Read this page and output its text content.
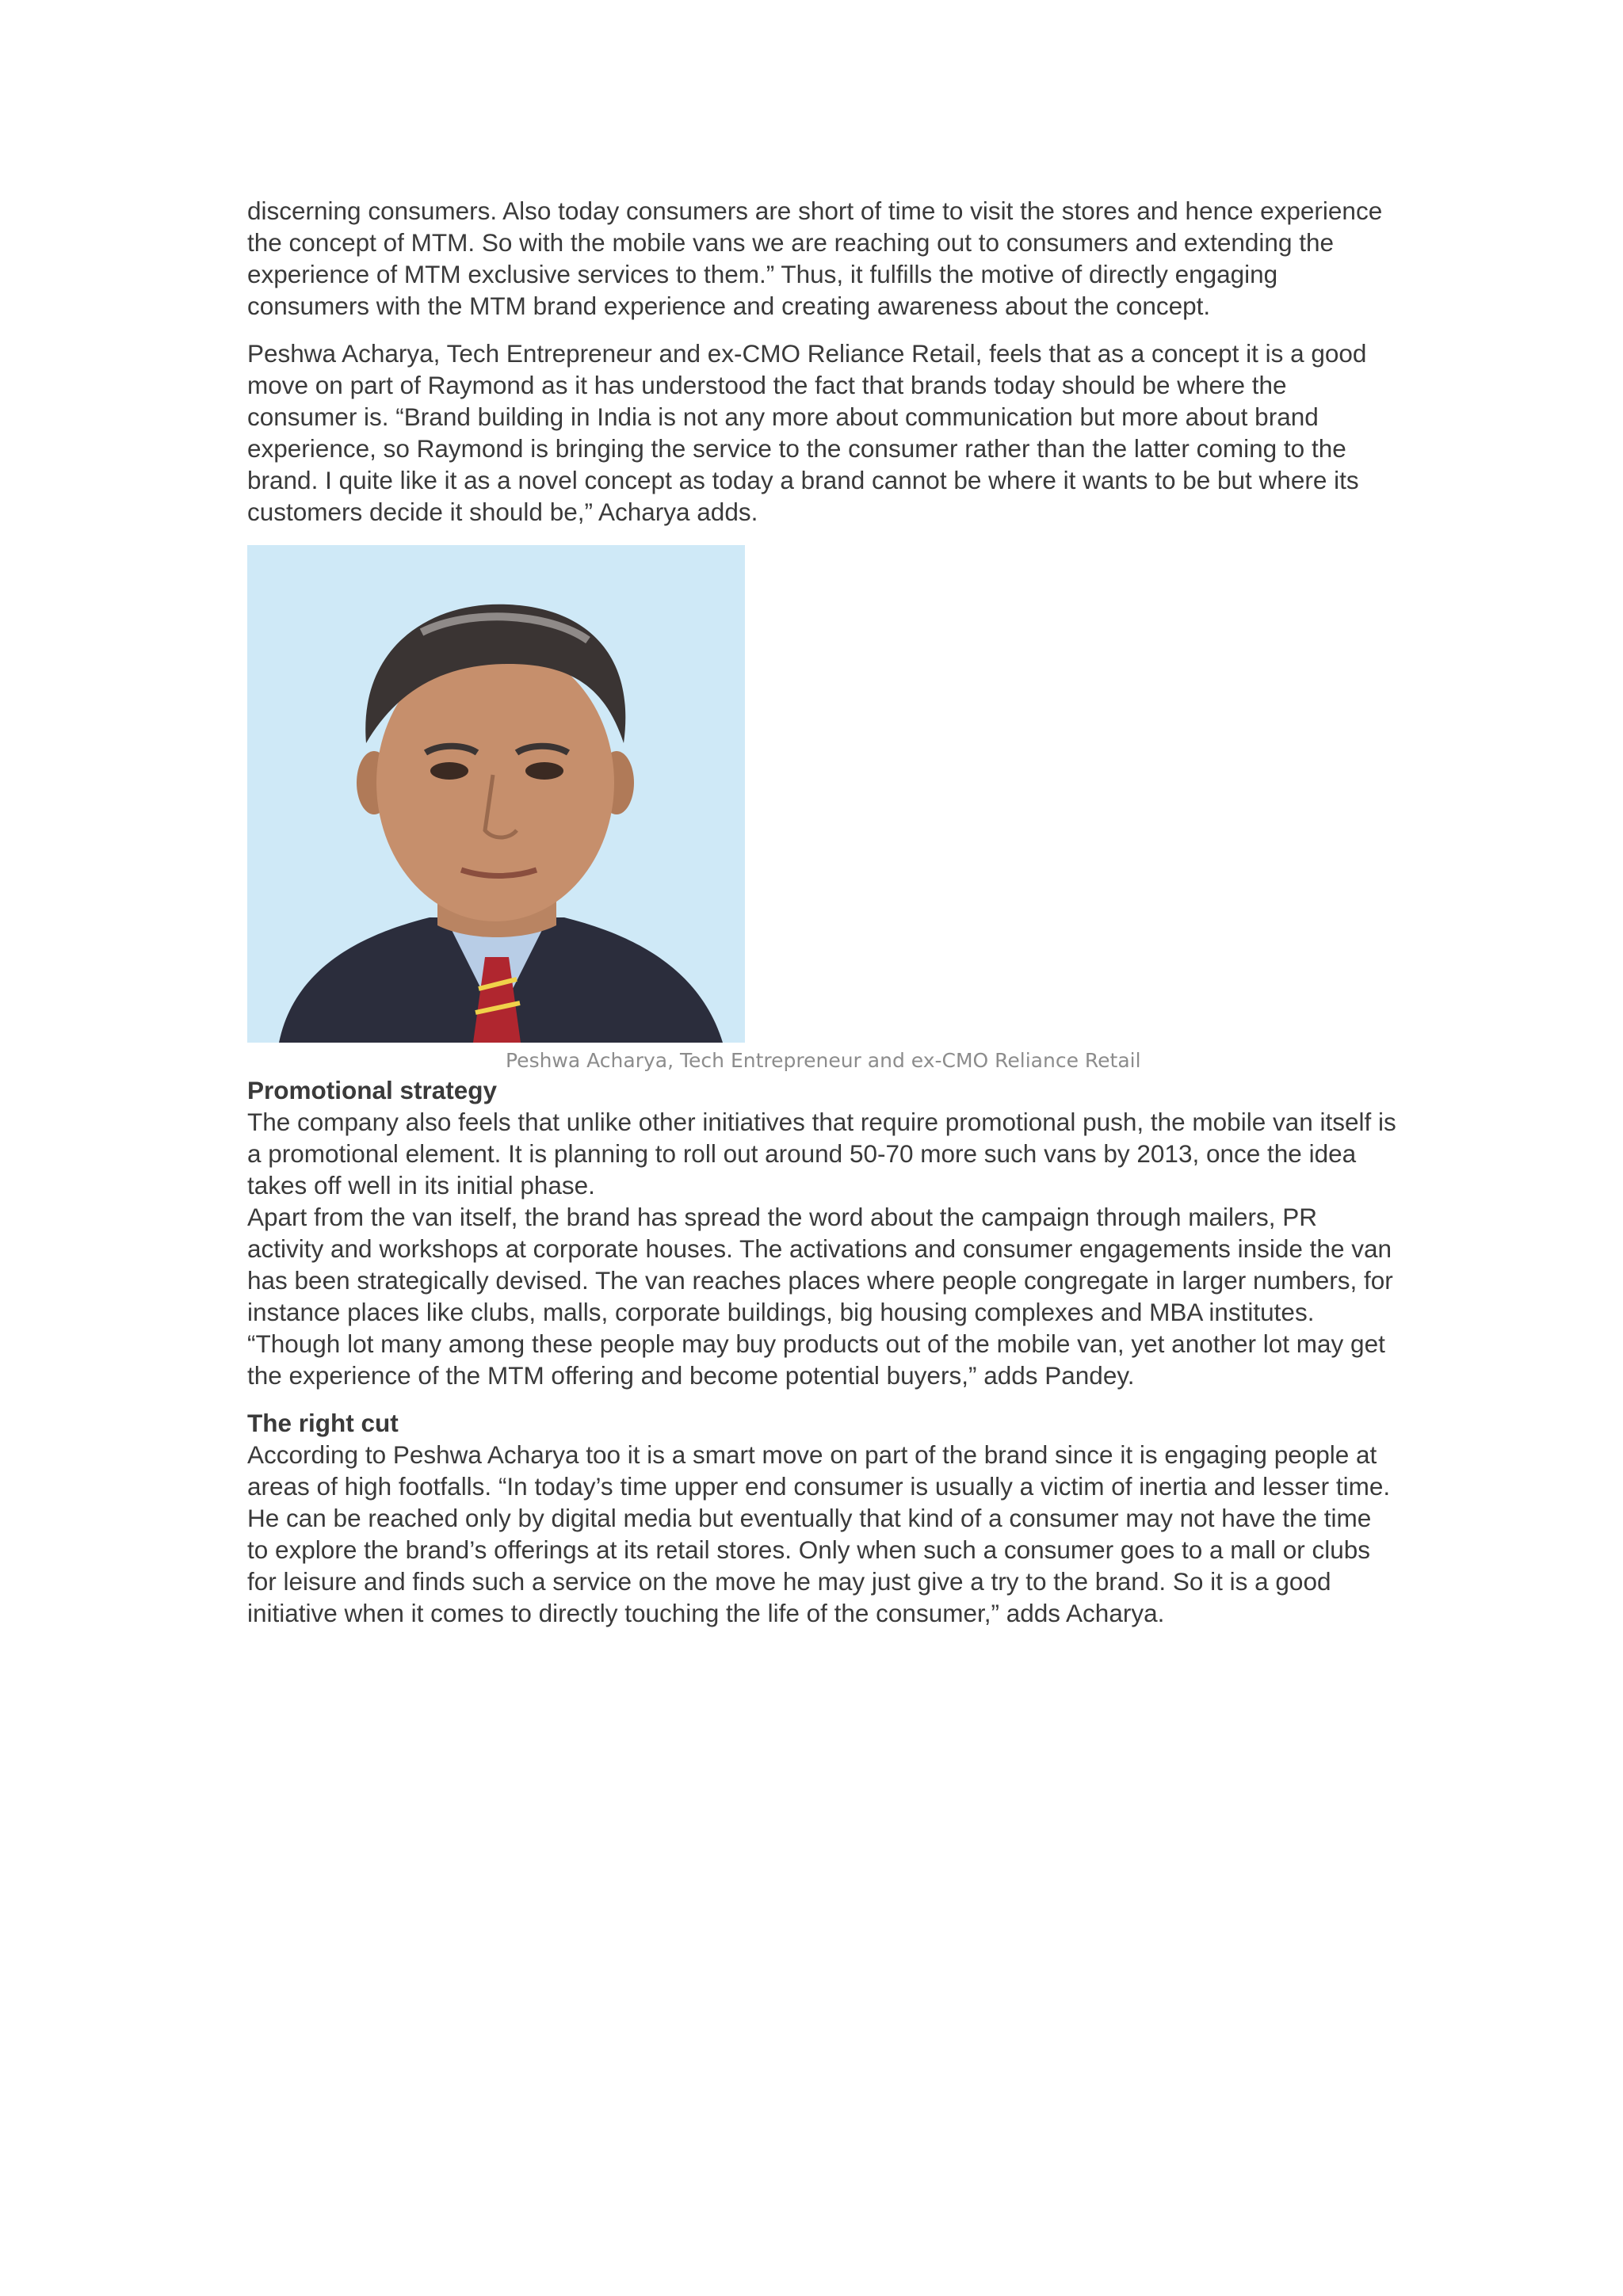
discerning consumers. Also today consumers are short of time to visit the stores and hence experience the concept of MTM. So with the mobile vans we are reaching out to consumers and extending the experience of MTM exclusive services to them.” Thus, it fulfills the motive of directly engaging consumers with the MTM brand experience and creating awareness about the concept.

Peshwa Acharya, Tech Entrepreneur and ex-CMO Reliance Retail, feels that as a concept it is a good move on part of Raymond as it has understood the fact that brands today should be where the consumer is. “Brand building in India is not any more about communication but more about brand experience, so Raymond is bringing the service to the consumer rather than the latter coming to the brand. I quite like it as a novel concept as today a brand cannot be where it wants to be but where its customers decide it should be,” Acharya adds.

Peshwa Acharya, Tech Entrepreneur and ex-CMO Reliance Retail

Promotional strategy

The company also feels that unlike other initiatives that require promotional push, the mobile van itself is a promotional element. It is planning to roll out around 50-70 more such vans by 2013, once the idea takes off well in its initial phase.

Apart from the van itself, the brand has spread the word about the campaign through mailers, PR activity and workshops at corporate houses. The activations and consumer engagements inside the van has been strategically devised. The van reaches places where people congregate in larger numbers, for instance places like clubs, malls, corporate buildings, big housing complexes and MBA institutes. “Though lot many among these people may buy products out of the mobile van, yet another lot may get the experience of the MTM offering and become potential buyers,” adds Pandey.

The right cut

According to Peshwa Acharya too it is a smart move on part of the brand since it is engaging people at areas of high footfalls. “In today’s time upper end consumer is usually a victim of inertia and lesser time. He can be reached only by digital media but eventually that kind of a consumer may not have the time to explore the brand’s offerings at its retail stores. Only when such a consumer goes to a mall or clubs for leisure and finds such a service on the move he may just give a try to the brand. So it is a good initiative when it comes to directly touching the life of the consumer,” adds Acharya.
